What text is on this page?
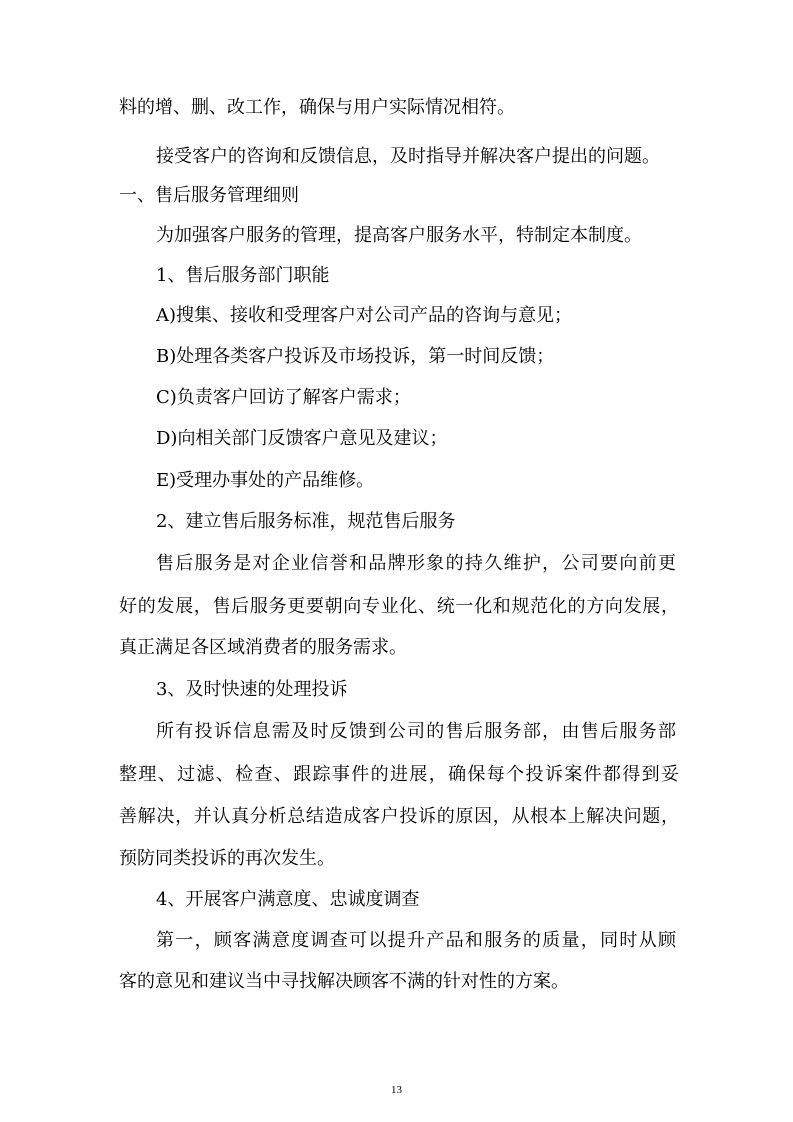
料的增、删、改工作，确保与用户实际情况相符。
接受客户的咨询和反馈信息，及时指导并解决客户提出的问题。
一、售后服务管理细则
为加强客户服务的管理，提高客户服务水平，特制定本制度。
1、售后服务部门职能
A)搜集、接收和受理客户对公司产品的咨询与意见；
B)处理各类客户投诉及市场投诉，第一时间反馈；
C)负责客户回访了解客户需求；
D)向相关部门反馈客户意见及建议；
E)受理办事处的产品维修。
2、建立售后服务标准，规范售后服务
售后服务是对企业信誉和品牌形象的持久维护，公司要向前更
好的发展，售后服务更要朝向专业化、统一化和规范化的方向发展，
真正满足各区域消费者的服务需求。
3、及时快速的处理投诉
所有投诉信息需及时反馈到公司的售后服务部，由售后服务部
整理、过滤、检查、跟踪事件的进展，确保每个投诉案件都得到妥
善解决，并认真分析总结造成客户投诉的原因，从根本上解决问题，
预防同类投诉的再次发生。
4、开展客户满意度、忠诚度调查
第一，顾客满意度调查可以提升产品和服务的质量，同时从顾
客的意见和建议当中寻找解决顾客不满的针对性的方案。
13
